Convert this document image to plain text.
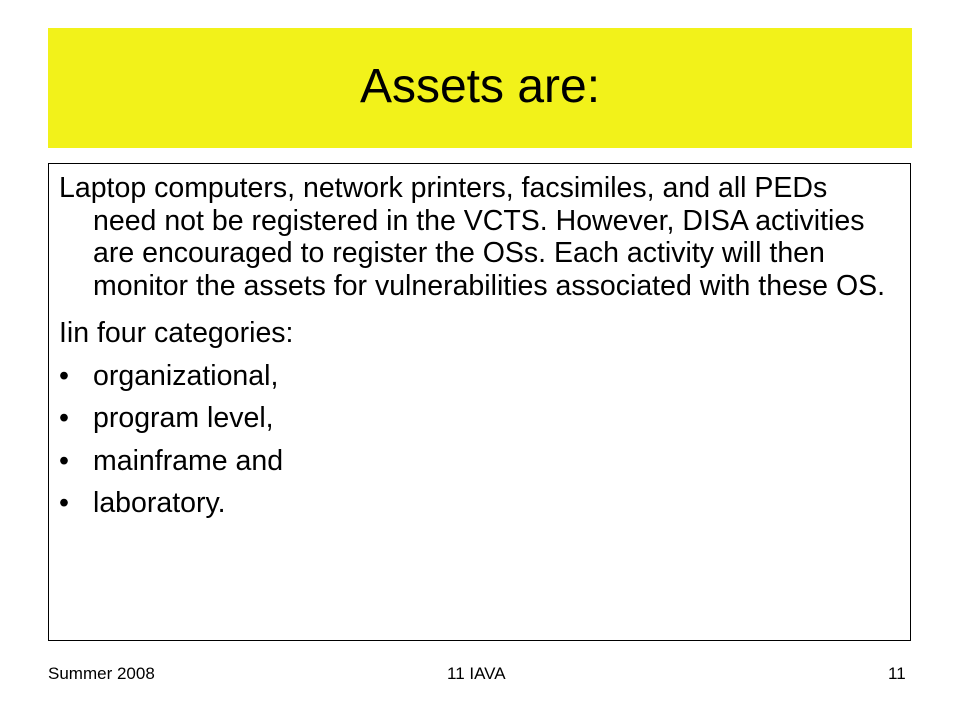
Assets are:

Laptop computers, network printers, facsimiles, and all PEDs need not be registered in the VCTS. However, DISA activities are encouraged to register the OSs. Each activity will then monitor the assets for vulnerabilities associated with these OS.

Iin four categories:

• organizational,
• program level,
• mainframe and
• laboratory.
Summer 2008	11 IAVA	11
